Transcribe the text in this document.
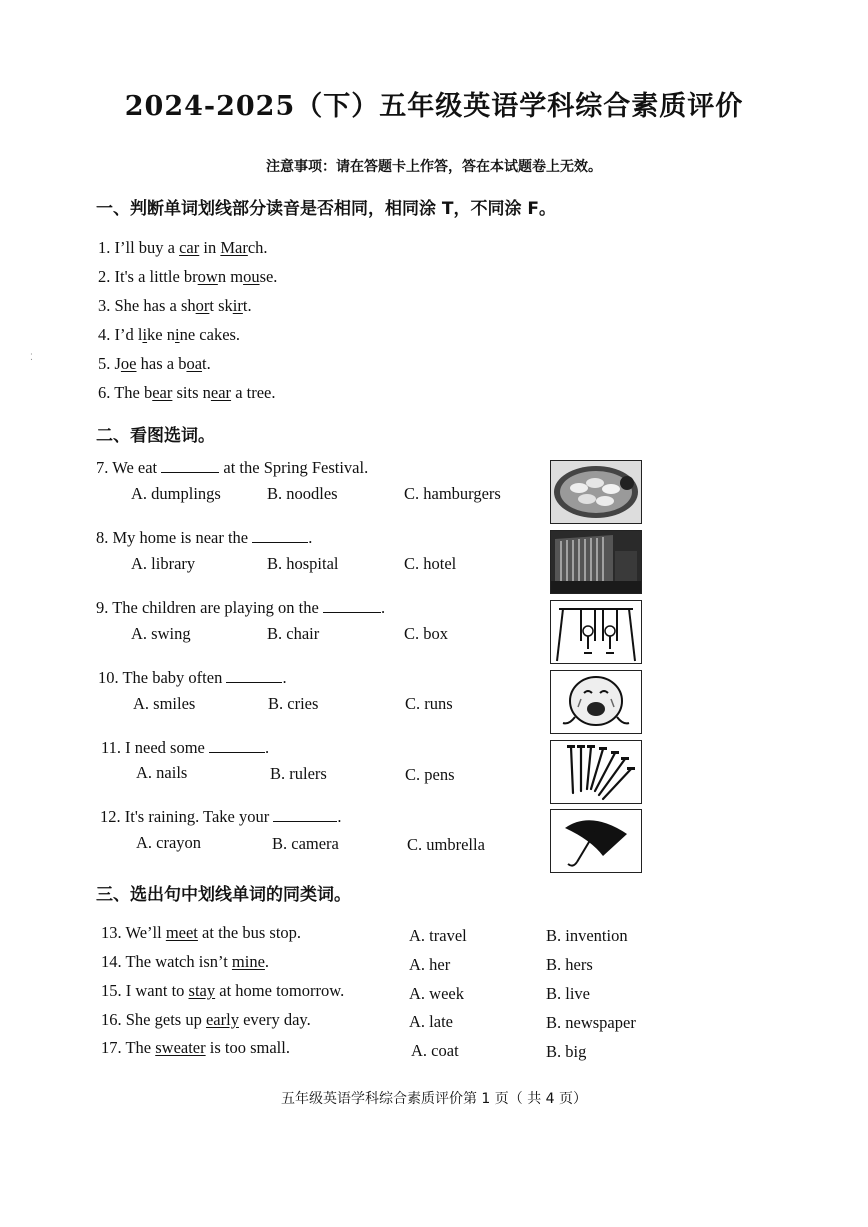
2024-2025（下）五年级英语学科综合素质评价
注意事项：请在答题卡上作答，答在本试题卷上无效。
⁚
一、判断单词划线部分读音是否相同，相同涂 T，不同涂 F。
1. I’ll buy a car in March.
2. It's a little brown mouse.
3. She has a short skirt.
4. I’d like nine cakes.
5. Joe has a boat.
6. The bear sits near a tree.
二、看图选词。
7. We eat	at the Spring Festival.
A. dumplings	B. noodles	C. hamburgers
8. My home is near the	.
A. library	B. hospital	C. hotel
9. The children are playing on the	.
A. swing	B. chair	C. box
10. The baby often	.
A. smiles	B. cries	C. runs
11. I need some	.
A. nails	B. rulers	C. pens
12. It's raining. Take your	.
A. crayon	B. camera	C. umbrella
三、选出句中划线单词的同类词。
13. We’ll meet at the bus stop.	A. travel	B. invention
14. The watch isn’t mine.	A. her	B. hers
15. I want to stay at home tomorrow.	A. week	B. live
16. She gets up early every day.	A. late	B. newspaper
17. The sweater is too small.	A. coat	B. big
五年级英语学科综合素质评价第 1 页（ 共 4 页）
